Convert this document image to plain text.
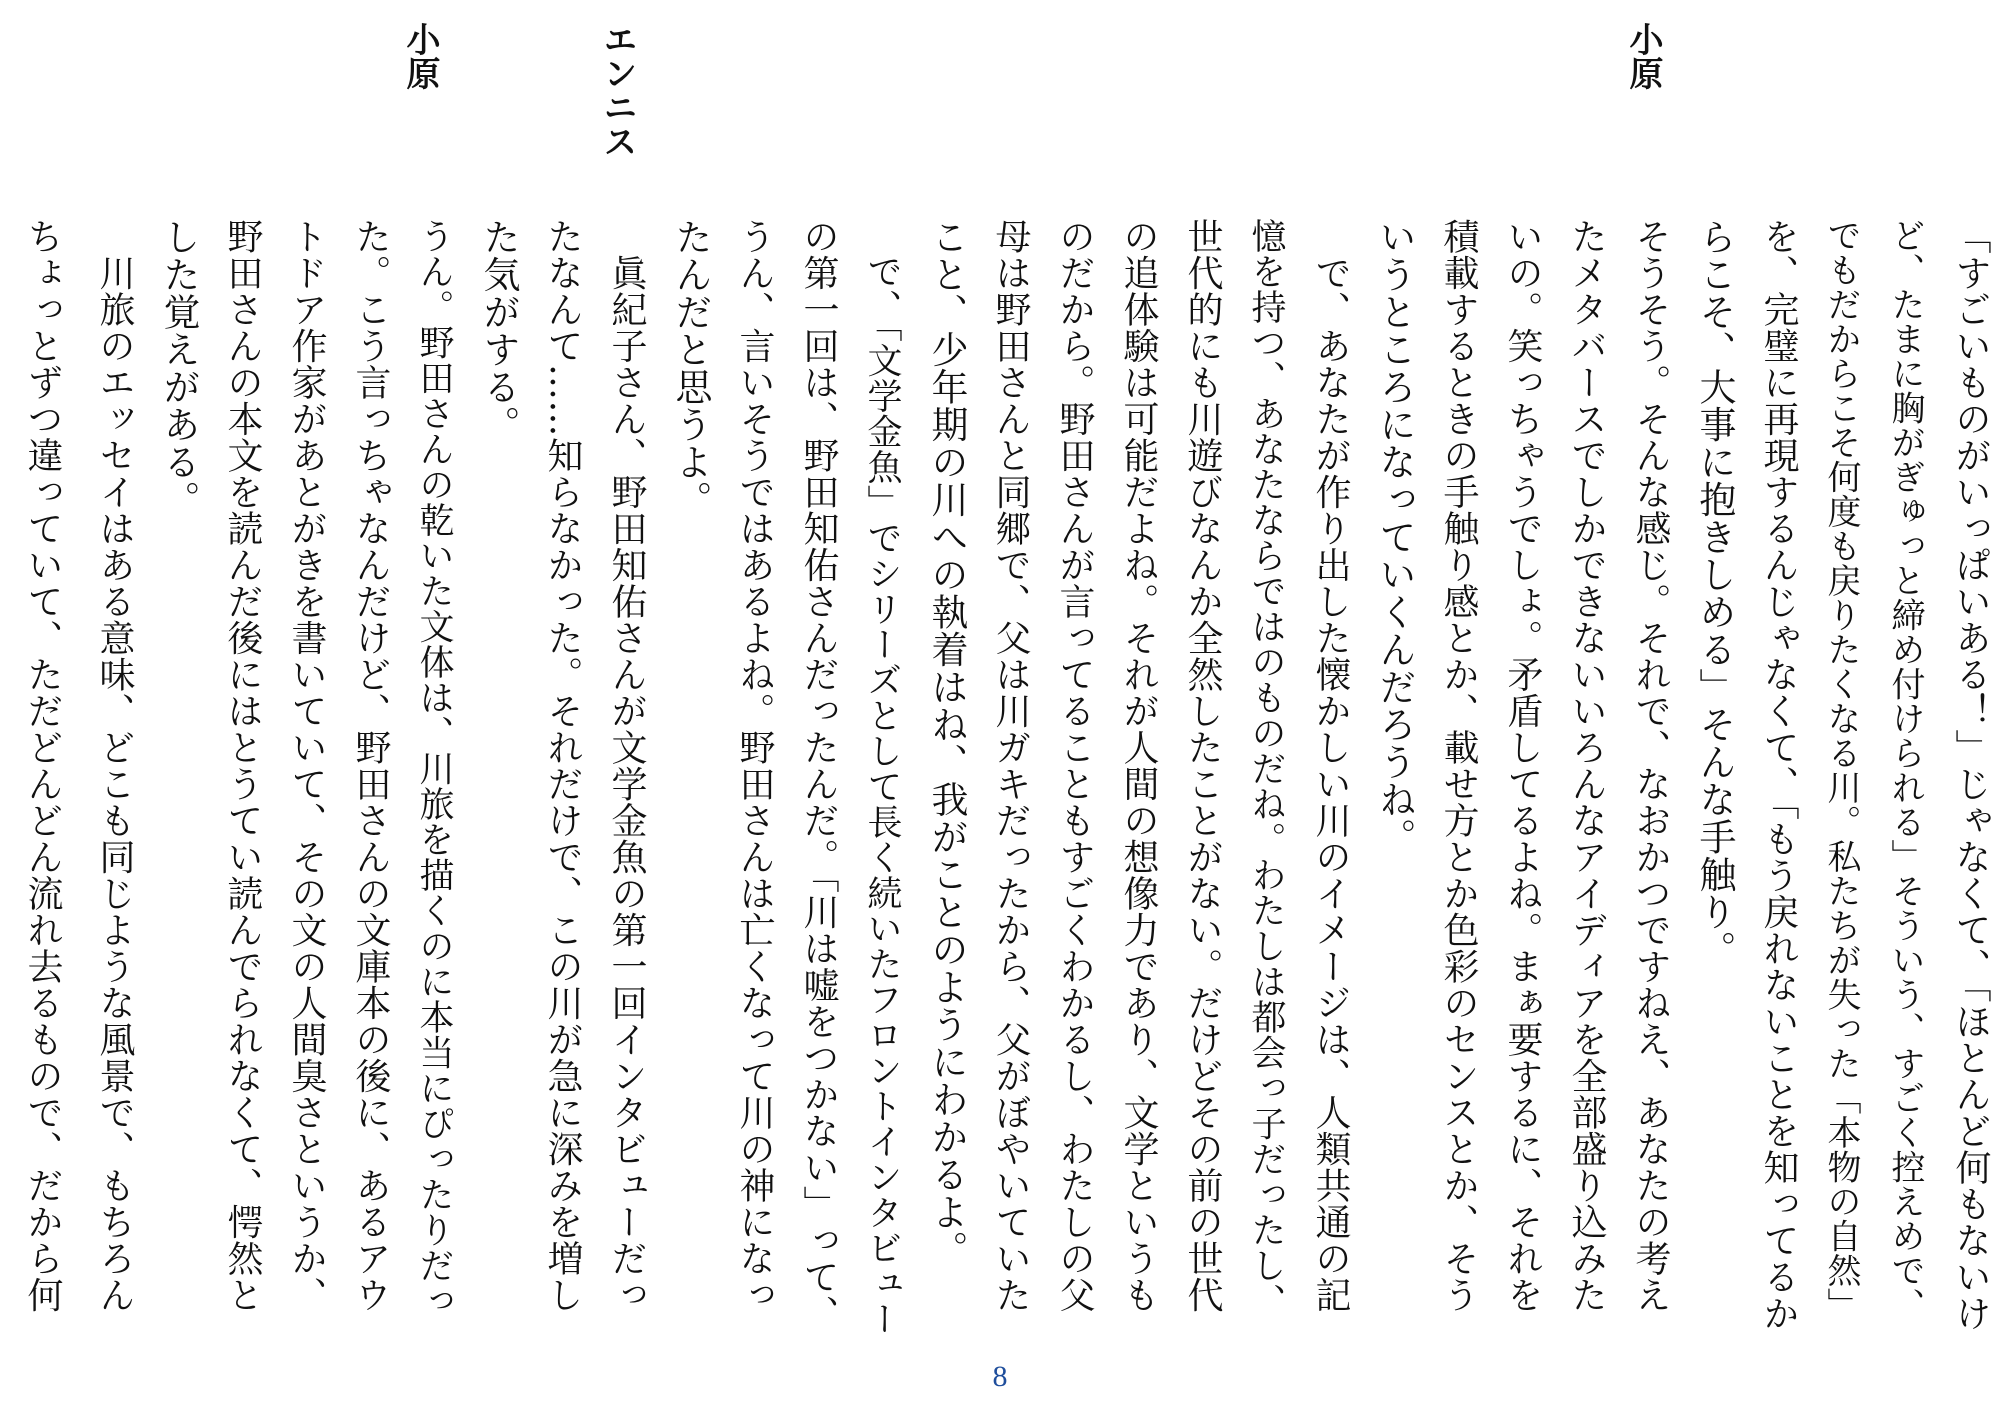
小原
エンニス
小原
「すごいものがいっぱいある！」じゃなくて、「ほとんど何もないけ
ど、たまに胸がぎゅっと締め付けられる」そういう、すごく控えめで、
でもだからこそ何度も戻りたくなる川。私たちが失った「本物の自然」
を、完璧に再現するんじゃなくて、「もう戻れないことを知ってるか
らこそ、大事に抱きしめる」そんな手触り。
そうそう。そんな感じ。それで、なおかつですねえ、あなたの考え
たメタバースでしかできないいろんなアイディアを全部盛り込みた
いの。笑っちゃうでしょ。矛盾してるよね。まぁ要するに、それを
積載するときの手触り感とか、載せ方とか色彩のセンスとか、そう
いうところになっていくんだろうね。
　で、あなたが作り出した懐かしい川のイメージは、人類共通の記
憶を持つ、あなたならではのものだね。わたしは都会っ子だったし、
世代的にも川遊びなんか全然したことがない。だけどその前の世代
の追体験は可能だよね。それが人間の想像力であり、文学というも
のだから。野田さんが言ってることもすごくわかるし、わたしの父
母は野田さんと同郷で、父は川ガキだったから、父がぼやいていた
こと、少年期の川への執着はね、我がことのようにわかるよ。
　で、「文学金魚」でシリーズとして長く続いたフロントインタビュー
の第一回は、野田知佑さんだったんだ。「川は嘘をつかない」って、
うん、言いそうではあるよね。野田さんは亡くなって川の神になっ
たんだと思うよ。
　眞紀子さん、野田知佑さんが文学金魚の第一回インタビューだっ
たなんて……知らなかった。それだけで、この川が急に深みを増し
た気がする。
うん。野田さんの乾いた文体は、川旅を描くのに本当にぴったりだっ
た。こう言っちゃなんだけど、野田さんの文庫本の後に、あるアウ
トドア作家があとがきを書いていて、その文の人間臭さというか、
野田さんの本文を読んだ後にはとうてい読んでられなくて、愕然と
した覚えがある。
　川旅のエッセイはある意味、どこも同じような風景で、もちろん
ちょっとずつ違っていて、ただどんどん流れ去るもので、だから何
8
